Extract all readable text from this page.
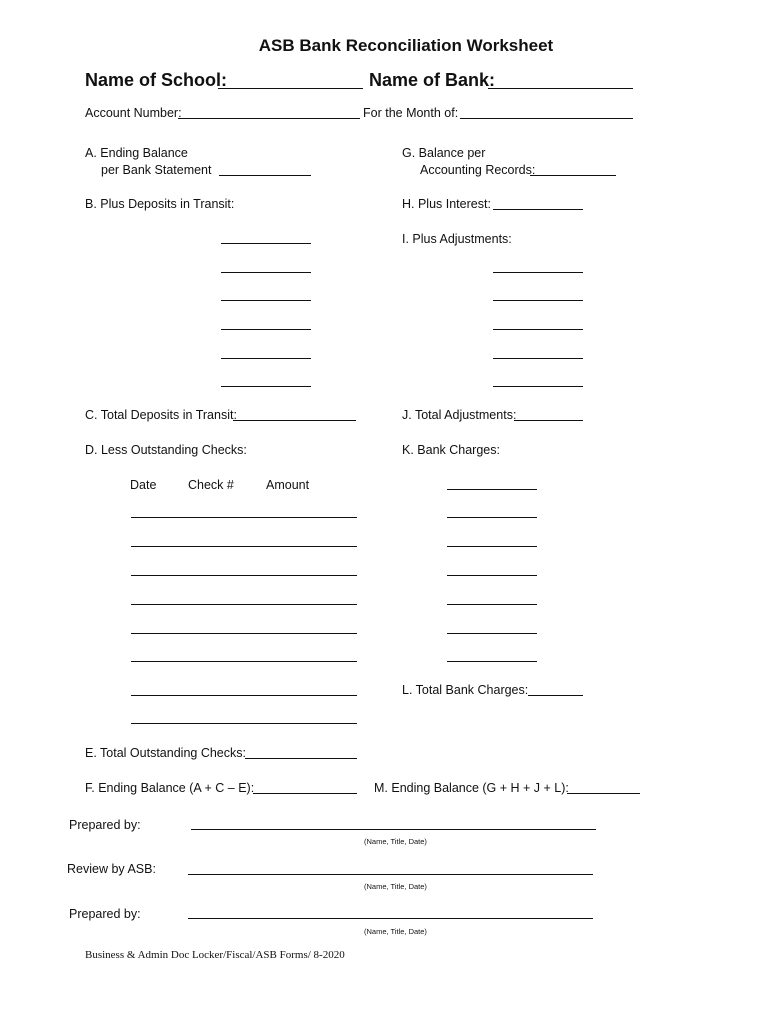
ASB Bank Reconciliation Worksheet
Name of School:	Name of Bank:
Account Number:	For the Month of:
A. Ending Balance
per Bank Statement
B. Plus Deposits in Transit:
C. Total Deposits in Transit:
D. Less Outstanding Checks:
Date	Check #	Amount
E. Total Outstanding Checks:
F. Ending Balance (A + C – E):
G. Balance per
Accounting Records:
H. Plus Interest:
I. Plus Adjustments:
J. Total Adjustments:
K. Bank Charges:
L. Total Bank Charges:
M. Ending Balance (G + H + J + L):
Prepared by:
(Name, Title, Date)
Review by ASB:
(Name, Title, Date)
Prepared by:
(Name, Title, Date)
Business & Admin Doc Locker/Fiscal/ASB Forms/ 8-2020
